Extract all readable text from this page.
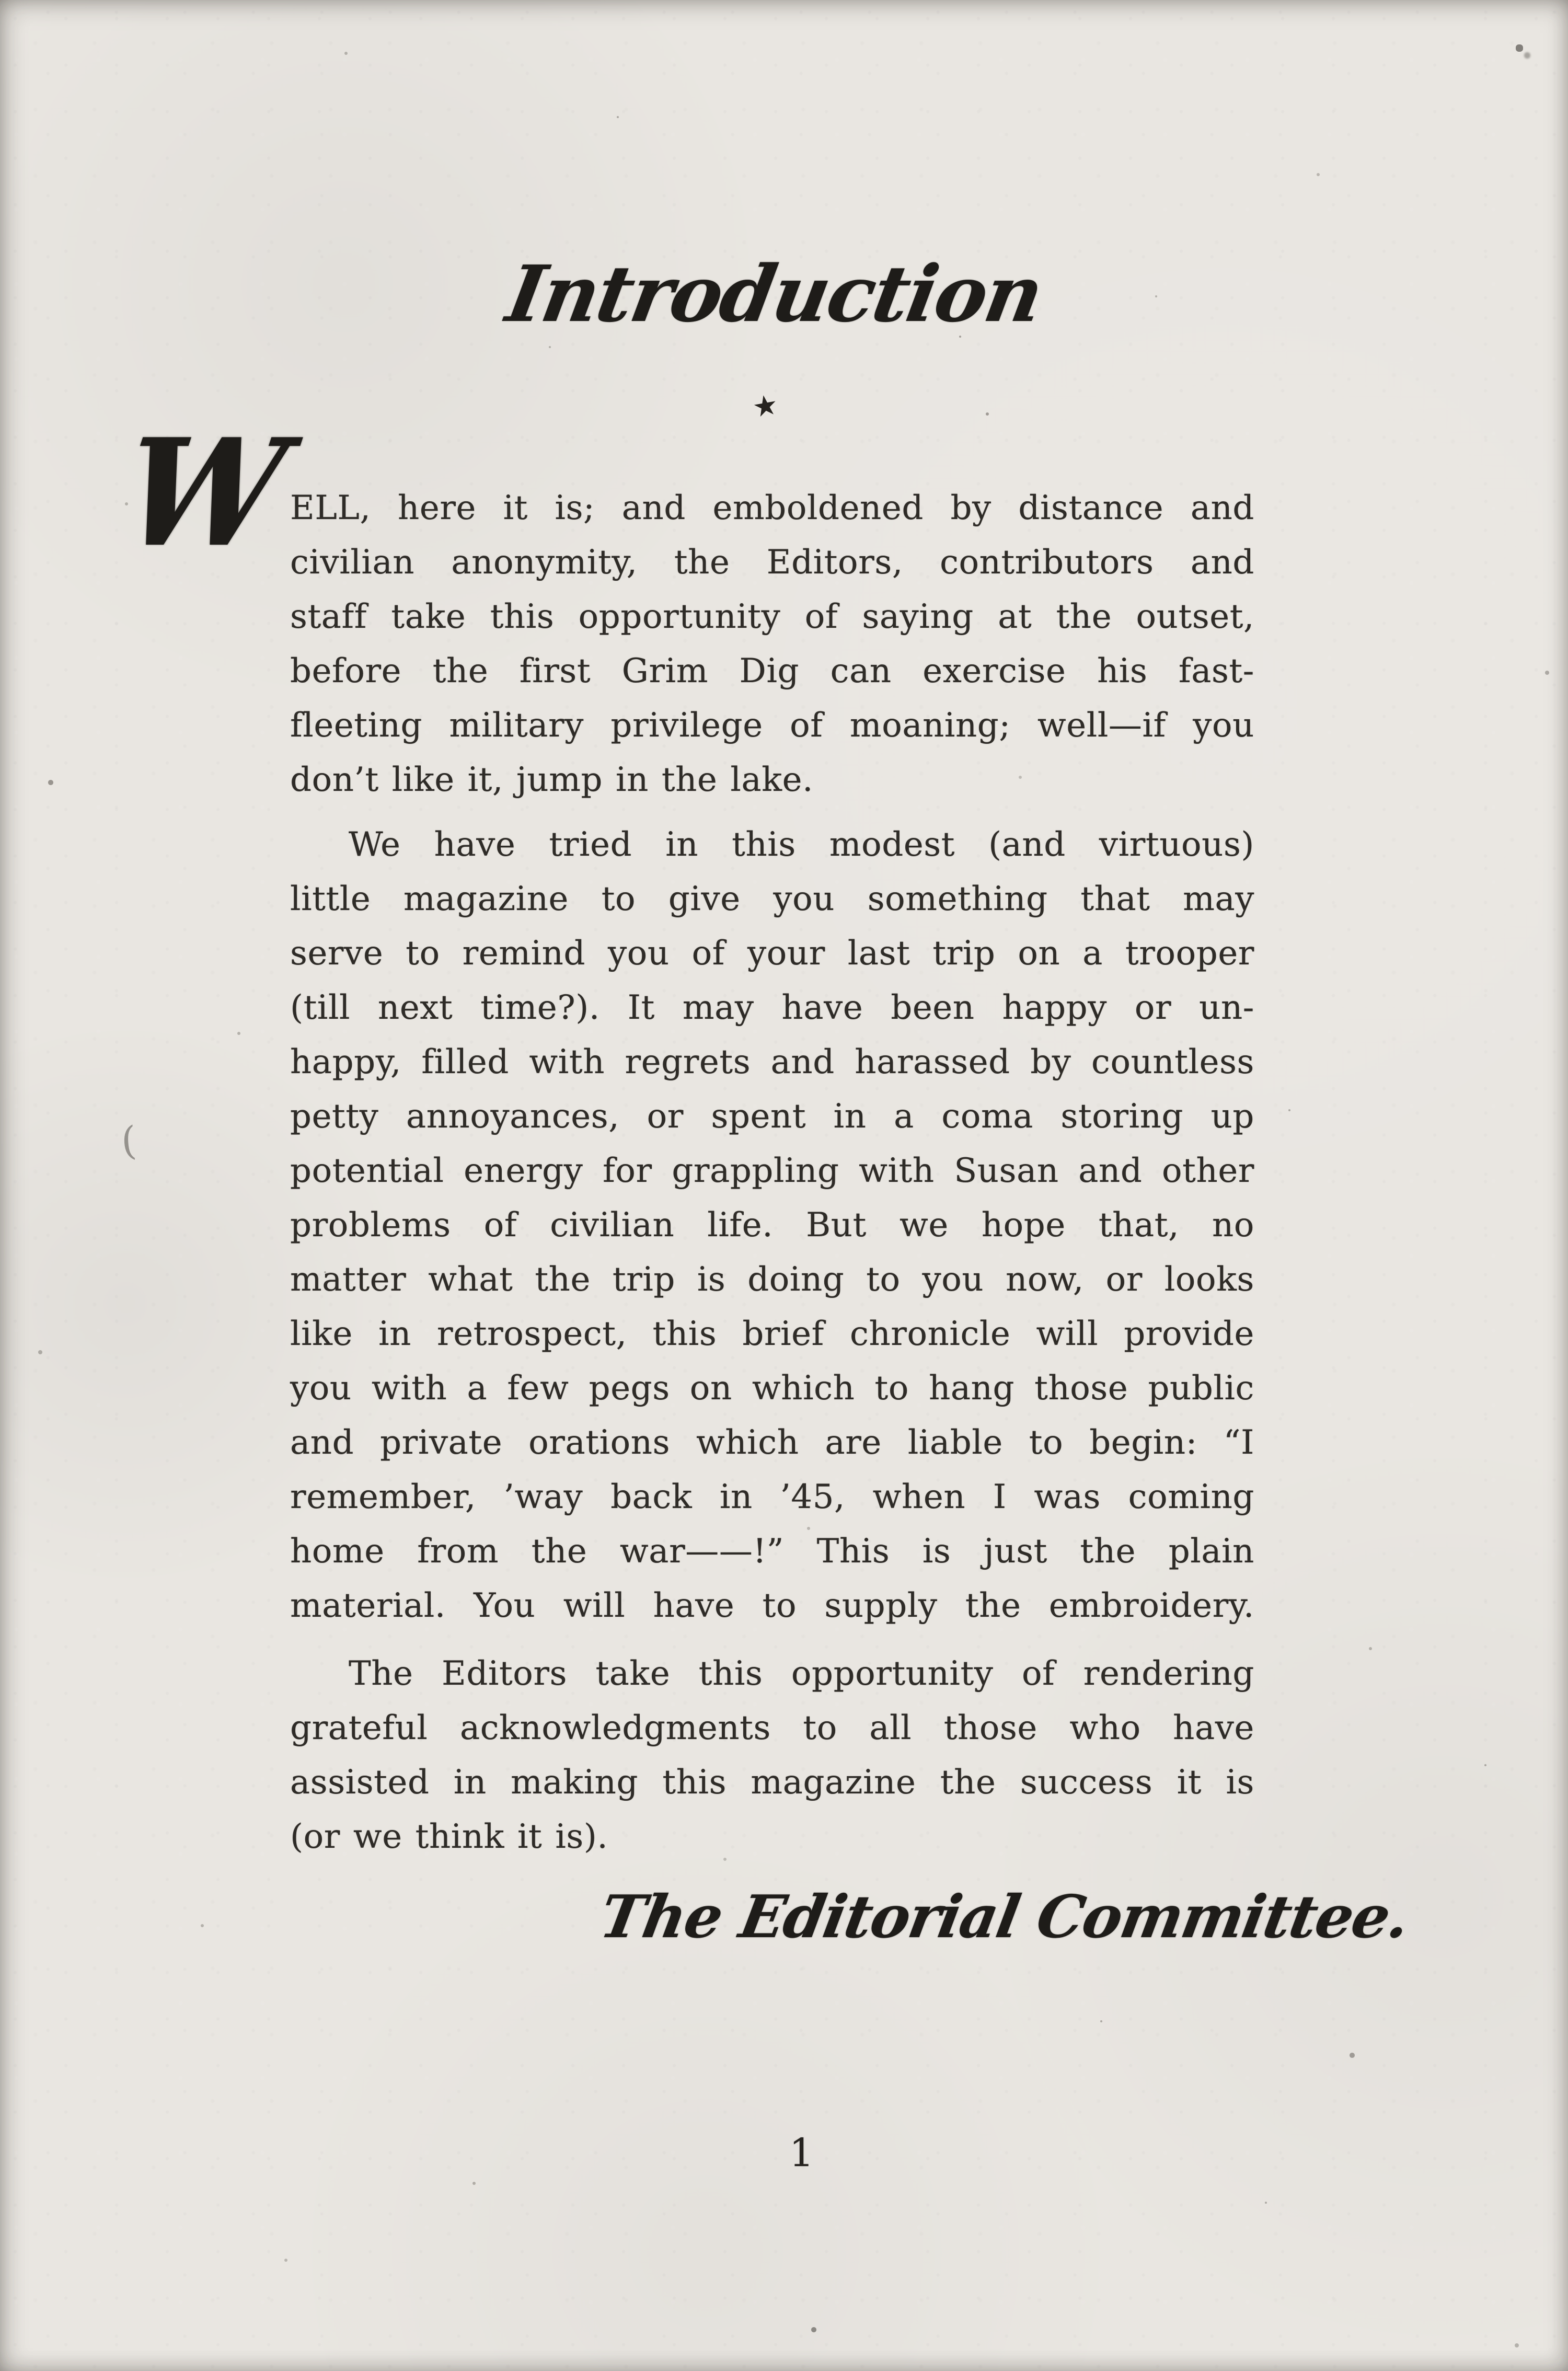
(
Introduction
★
W
ELL, here it is; and emboldened by distance and
civilian anonymity, the Editors, contributors and
staff take this opportunity of saying at the outset,
before the first Grim Dig can exercise his fast-
fleeting military privilege of moaning; well—if you
don’t like it, jump in the lake.
We have tried in this modest (and virtuous)
little magazine to give you something that may
serve to remind you of your last trip on a trooper
(till next time?). It may have been happy or un-
happy, filled with regrets and harassed by countless
petty annoyances, or spent in a coma storing up
potential energy for grappling with Susan and other
problems of civilian life. But we hope that, no
matter what the trip is doing to you now, or looks
like in retrospect, this brief chronicle will provide
you with a few pegs on which to hang those public
and private orations which are liable to begin: “I
remember, ’way back in ’45, when I was coming
home from the war——!” This is just the plain
material. You will have to supply the embroidery.
The Editors take this opportunity of rendering
grateful acknowledgments to all those who have
assisted in making this magazine the success it is
(or we think it is).
The Editorial Committee.
1
